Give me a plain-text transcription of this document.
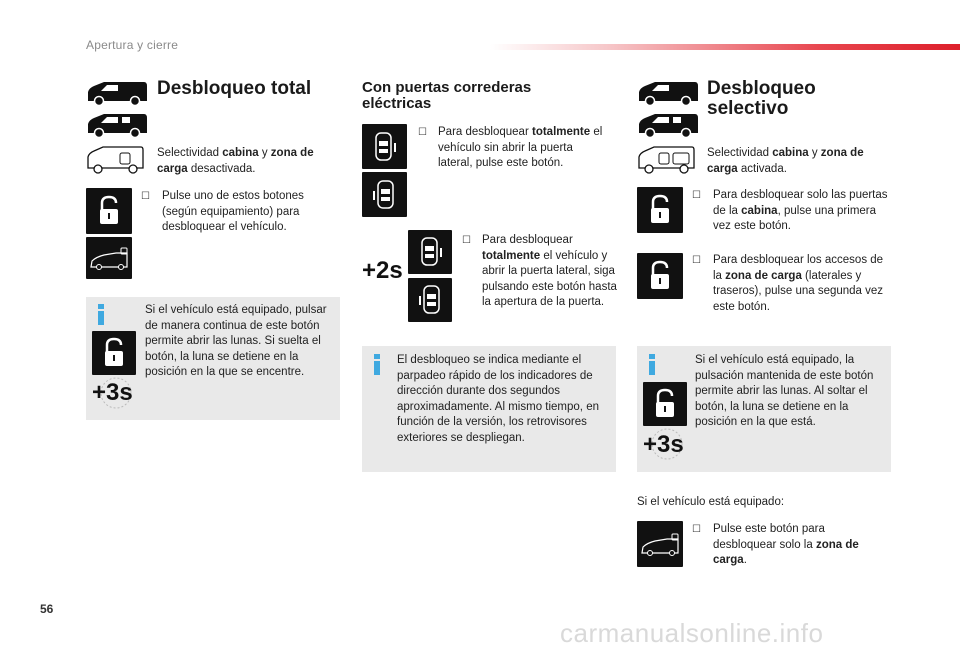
Apertura y cierre
Desbloqueo total
Selectividad cabina y zona de carga desactivada.
☐ Pulse uno de estos botones (según equipamiento) para desbloquear el vehículo.
+3s
Si el vehículo está equipado, pulsar de manera continua de este botón permite abrir las lunas. Si suelta el botón, la luna se detiene en la posición en la que se encentre.
Con puertas correderas eléctricas
☐ Para desbloquear totalmente el vehículo sin abrir la puerta lateral, pulse este botón.
+2s
☐ Para desbloquear totalmente el vehículo y abrir la puerta lateral, siga pulsando este botón hasta la apertura de la puerta.
El desbloqueo se indica mediante el parpadeo rápido de los indicadores de dirección durante dos segundos aproximadamente. Al mismo tiempo, en función de la versión, los retrovisores exteriores se despliegan.
Desbloqueo selectivo
Selectividad cabina y zona de carga activada.
☐ Para desbloquear solo las puertas de la cabina, pulse una primera vez este botón.
☐ Para desbloquear los accesos de la zona de carga (laterales y traseros), pulse una segunda vez este botón.
+3s
Si el vehículo está equipado, la pulsación mantenida de este botón permite abrir las lunas. Al soltar el botón, la luna se detiene en la posición en la que está.
Si el vehículo está equipado:
☐ Pulse este botón para desbloquear solo la zona de carga.
56
carmanualsonline.info
